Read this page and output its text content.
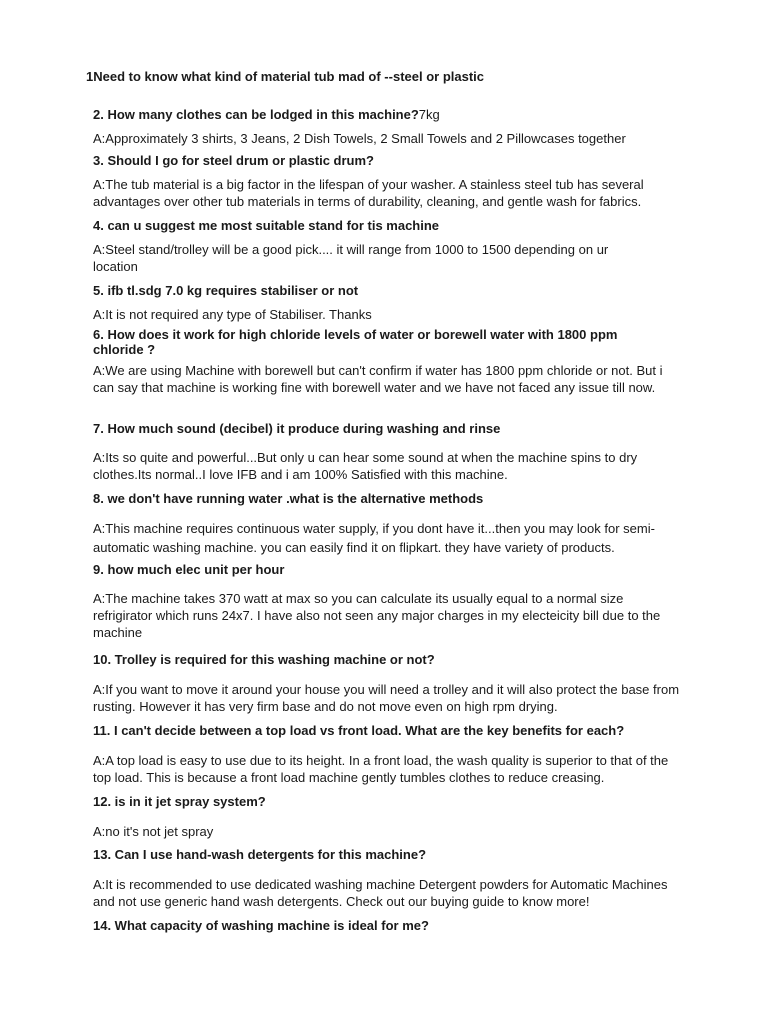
1Need to know what kind of material tub mad of --steel or plastic

2. How many clothes can be lodged in this machine?7kg

A:Approximately 3 shirts, 3 Jeans, 2 Dish Towels, 2 Small Towels and 2 Pillowcases together

3. Should I go for steel drum or plastic drum?

A:The tub material is a big factor in the lifespan of your washer. A stainless steel tub has several advantages over other tub materials in terms of durability, cleaning, and gentle wash for fabrics.

4. can u suggest me most suitable stand for tis machine

A:Steel stand/trolley will be a good pick.... it will range from 1000 to 1500 depending on ur location

5. ifb tl.sdg 7.0 kg requires stabiliser or not

A:It is not required any type of Stabiliser. Thanks

6. How does it work for high chloride levels of water or borewell water with 1800 ppm chloride ?

A:We are using Machine with borewell but can't confirm if water has 1800 ppm chloride or not. But i can say that machine is working fine with borewell water and we have not faced any issue till now.

7. How much sound (decibel) it produce during washing and rinse

A:Its so quite and powerful...But only u can hear some sound at when the machine spins to dry clothes.Its normal..I love IFB and i am 100% Satisfied with this machine.

8. we don't have running water .what is the alternative methods

A:This machine requires continuous water supply, if you dont have it...then you may look for semi-automatic washing machine. you can easily find it on flipkart. they have variety of products.

9. how much elec unit per hour

A:The machine takes 370 watt at max so you can calculate its usually equal to a normal size refrigirator which runs 24x7. I have also not seen any major charges in my electeicity bill due to the machine

10. Trolley is required for this washing machine or not?

A:If you want to move it around your house you will need a trolley and it will also protect the base from rusting. However it has very firm base and do not move even on high rpm drying.

11. I can't decide between a top load vs front load. What are the key benefits for each?

A:A top load is easy to use due to its height. In a front load, the wash quality is superior to that of the top load. This is because a front load machine gently tumbles clothes to reduce creasing.

12. is in it jet spray system?

A:no it's not jet spray

13. Can I use hand-wash detergents for this machine?

A:It is recommended to use dedicated washing machine Detergent powders for Automatic Machines and not use generic hand wash detergents. Check out our buying guide to know more!

14. What capacity of washing machine is ideal for me?
